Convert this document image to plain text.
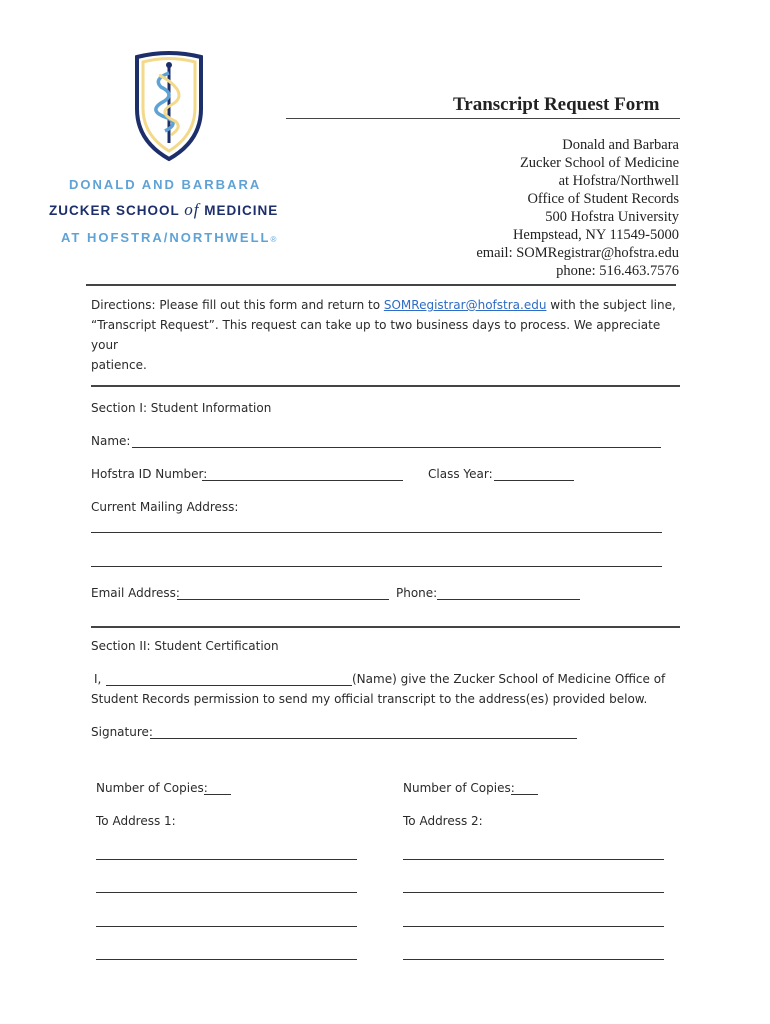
DONALD AND BARBARA
ZUCKER SCHOOL of MEDICINE
AT HOFSTRA/NORTHWELL®
Transcript Request Form
Donald and Barbara
Zucker School of Medicine
at Hofstra/Northwell
Office of Student Records
500 Hofstra University
Hempstead, NY 11549-5000
email: SOMRegistrar@hofstra.edu
phone: 516.463.7576
Directions: Please fill out this form and return to SOMRegistrar@hofstra.edu with the subject line,
“Transcript Request”. This request can take up to two business days to process. We appreciate your
patience.
Section I: Student Information
Name:
Hofstra ID Number:	Class Year:
Current Mailing Address:
Email Address:	Phone:
Section II: Student Certification
I,	(Name) give the Zucker School of Medicine Office of
Student Records permission to send my official transcript to the address(es) provided below.
Signature:
Number of Copies:
To Address 1:
Number of Copies:
To Address 2:
